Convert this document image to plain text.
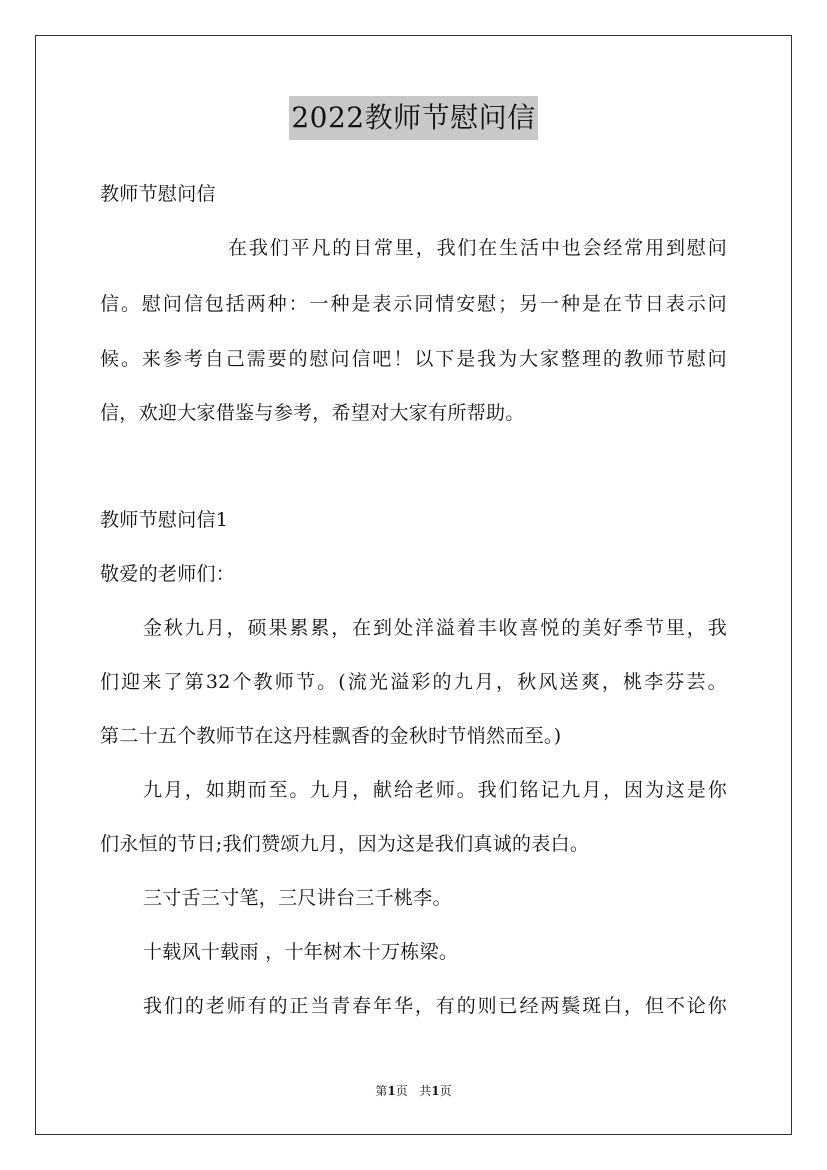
2022教师节慰问信
教师节慰问信
在我们平凡的日常里，我们在生活中也会经常用到慰问
信。慰问信包括两种：一种是表示同情安慰；另一种是在节日表示问
候。来参考自己需要的慰问信吧！以下是我为大家整理的教师节慰问
信，欢迎大家借鉴与参考，希望对大家有所帮助。
教师节慰问信1
敬爱的老师们：
金秋九月，硕果累累，在到处洋溢着丰收喜悦的美好季节里，我
们迎来了第32个教师节。(流光溢彩的九月，秋风送爽，桃李芬芸。
第二十五个教师节在这丹桂飘香的金秋时节悄然而至。)
九月，如期而至。九月，献给老师。我们铭记九月，因为这是你
们永恒的节日;我们赞颂九月，因为这是我们真诚的表白。
三寸舌三寸笔，三尺讲台三千桃李。
十载风十载雨 ，十年树木十万栋梁。
我们的老师有的正当青春年华，有的则已经两鬓斑白，但不论你
第1页 共1页
